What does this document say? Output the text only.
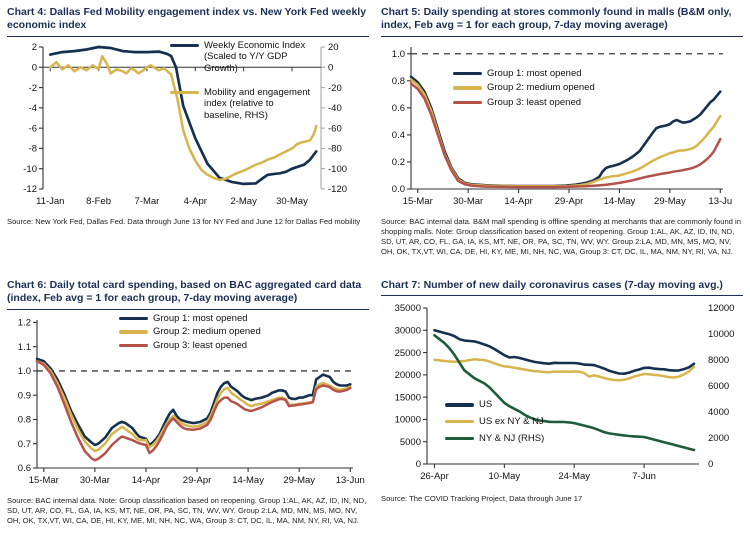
Chart 4: Dallas Fed Mobility engagement index vs. New York Fed weekly economic index
2
0
-2
-4
-6
-8
-10
-12
20
0
-20
-40
-60
-80
-100
-120
11-Jan 8-Feb 7-Mar	4-Apr 2-May 30-May
Weekly Economic Index (Scaled to Y/Y GDP Growth)
Mobility and engagement index (relative to baseline, RHS)

Source: New York Fed, Dallas Fed. Data through June 13 for NY Fed and June 12 for Dallas Fed mobility

Chart 5: Daily spending at stores commonly found in malls (B&M only, index, Feb avg = 1 for each group, 7-day moving average)
1.0
0.8
0.6
0.4
0.2
0.0
15-Mar 30-Mar 14-Apr 29-Apr 14-May 29-May 13-Ju
Group 1: most opened
Group 2: medium opened
Group 3: least opened

Source: BAC internal data. B&M mall spending is offline spending at merchants that are commonly found in shopping malls. Note: Group classification based on extent of reopening. Group 1:AL, AK, AZ, ID, IN, ND, SD, UT, AR, CO, FL, GA, IA, KS, MT, NE, OR, PA, SC, TN, WV, WY. Group 2:LA, MD, MN, MS, MO, NV, OH, OK, TX,VT, WI, CA, DE, HI, KY, ME, MI, NH, NC, WA, Group 3: CT, DC, IL, MA, NM, NY, RI, VA, NJ.

Chart 6: Daily total card spending, based on BAC aggregated card data (index, Feb avg = 1 for each group, 7-day moving average)
1.2
1.1
1.0
0.9
0.8
0.7
0.6
15-Mar 30-Mar 14-Apr 29-Apr 14-May 29-May 13-Jun
Group 1: most opened
Group 2: medium opened
Group 3: least opened

Source: BAC internal data. Note: Group classification based on reopening. Group 1:AL, AK, AZ, ID, IN, ND, SD, UT, AR, CO, FL, GA, IA, KS, MT, NE, OR, PA, SC, TN, WV, WY. Group 2:LA, MD, MN, MS, MO, NV, OH, OK, TX,VT, WI, CA, DE, HI, KY, ME, MI, NH, NC, WA, Group 3: CT, DC, IL, MA, NM, NY, RI, VA, NJ.

Chart 7: Number of new daily coronavirus cases (7-day moving avg.)
35000
30000
25000
20000
15000
10000
5000
0
12000
10000
8000
6000
4000
2000
0
26-Apr	10-May	24-May	7-Jun
US
US ex NY & NJ
NY & NJ (RHS)

Source: The COVID Tracking Project, Data through June 17
